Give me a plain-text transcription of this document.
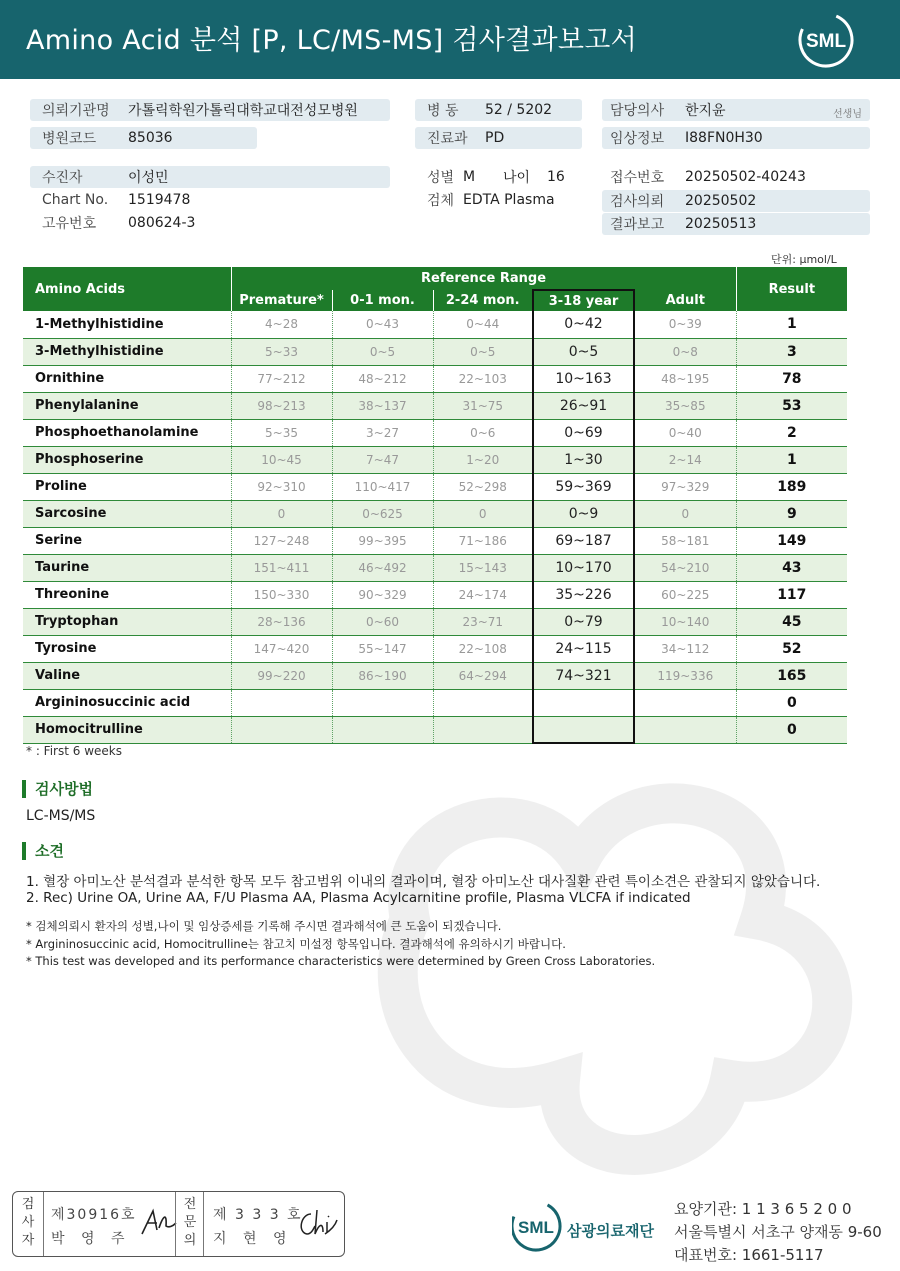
Amino Acid 분석 [P, LC/MS-MS] 검사결과보고서	SML
의뢰기관명 가톨릭학원가톨릭대학교대전성모병원
병원코드 85036
병 동 52 / 5202
진료과 PD
담당의사 한지윤	선생님
임상정보 I88FN0H30
수진자	이성민
Chart No. 1519478
고유번호 080624-3
성별 M 나이 16
검체 EDTA Plasma
접수번호 20250502-40243
검사의뢰 20250502
결과보고 20250513
단위: μmol/L
Amino Acids	Reference Range					Result
	Premature*	0-1 mon.	2-24 mon.	3-18 year	Adult	
1-Methylhistidine	4~28	0~43	0~44	0~42	0~39	1
3-Methylhistidine	5~33	0~5	0~5	0~5	0~8	3
Ornithine	77~212	48~212	22~103	10~163	48~195	78
Phenylalanine	98~213	38~137	31~75	26~91	35~85	53
Phosphoethanolamine	5~35	3~27	0~6	0~69	0~40	2
Phosphoserine	10~45	7~47	1~20	1~30	2~14	1
Proline	92~310	110~417	52~298	59~369	97~329	189
Sarcosine	0	0~625	0	0~9	0	9
Serine	127~248	99~395	71~186	69~187	58~181	149
Taurine	151~411	46~492	15~143	10~170	54~210	43
Threonine	150~330	90~329	24~174	35~226	60~225	117
Tryptophan	28~136	0~60	23~71	0~79	10~140	45
Tyrosine	147~420	55~147	22~108	24~115	34~112	52
Valine	99~220	86~190	64~294	74~321	119~336	165
Argininosuccinic acid						0
Homocitrulline						0
* : First 6 weeks
검사방법
LC-MS/MS
소견
1. 혈장 아미노산 분석결과 분석한 항목 모두 참고범위 이내의 결과이며, 혈장 아미노산 대사질환 관련 특이소견은 관찰되지 않았습니다.
2. Rec) Urine OA, Urine AA, F/U Plasma AA, Plasma Acylcarnitine profile, Plasma VLCFA if indicated
* 검체의뢰시 환자의 성별,나이 및 임상증세를 기록해 주시면 결과해석에 큰 도움이 되겠습니다.
* Argininosuccinic acid, Homocitrulline는 참고치 미설정 항목입니다. 결과해석에 유의하시기 바랍니다.
* This test was developed and its performance characteristics were determined by Green Cross Laboratories.
검
사
자
제30916호
박 영 주
전
문
의
제 3 3 3 호
지 현 영
SML 삼광의료재단
요양기관: 1 1 3 6 5 2 0 0
서울특별시 서초구 양재동 9-60
대표번호: 1661-5117
